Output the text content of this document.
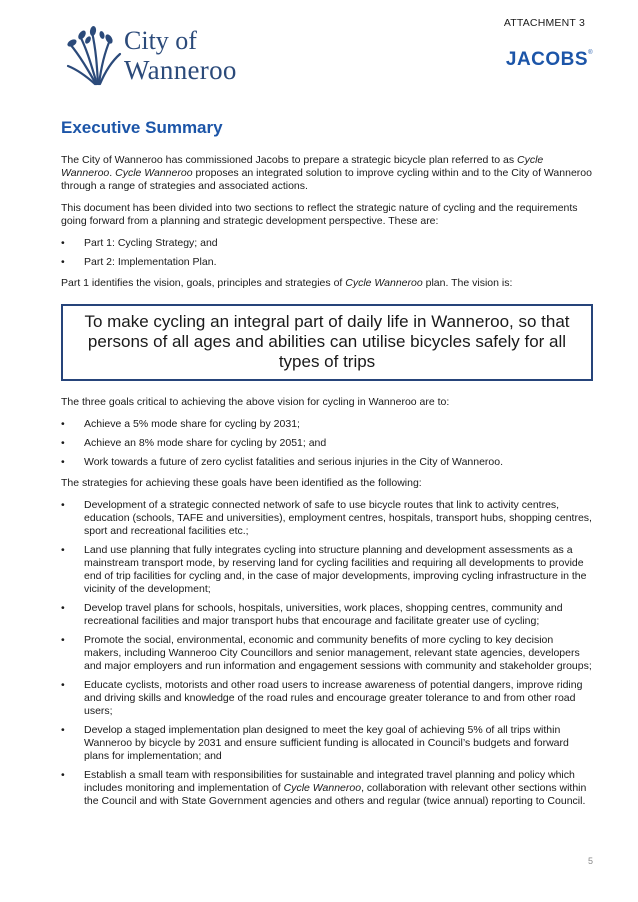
ATTACHMENT 3
City of
Wanneroo	JACOBS®
Executive Summary

The City of Wanneroo has commissioned Jacobs to prepare a strategic bicycle plan referred to as Cycle Wanneroo. Cycle Wanneroo proposes an integrated solution to improve cycling within and to the City of Wanneroo through a range of strategies and associated actions.

This document has been divided into two sections to reflect the strategic nature of cycling and the requirements going forward from a planning and strategic development perspective. These are:

• Part 1: Cycling Strategy; and
• Part 2: Implementation Plan.

Part 1 identifies the vision, goals, principles and strategies of Cycle Wanneroo plan. The vision is:

To make cycling an integral part of daily life in Wanneroo, so that persons of all ages and abilities can utilise bicycles safely for all types of trips

The three goals critical to achieving the above vision for cycling in Wanneroo are to:

• Achieve a 5% mode share for cycling by 2031;
• Achieve an 8% mode share for cycling by 2051; and
• Work towards a future of zero cyclist fatalities and serious injuries in the City of Wanneroo.

The strategies for achieving these goals have been identified as the following:

• Development of a strategic connected network of safe to use bicycle routes that link to activity centres, education (schools, TAFE and universities), employment centres, hospitals, transport hubs, shopping centres, sport and recreational facilities etc.;
• Land use planning that fully integrates cycling into structure planning and development assessments as a mainstream transport mode, by reserving land for cycling facilities and requiring all developments to provide end of trip facilities for cycling and, in the case of major developments, improving cycling infrastructure in the vicinity of the development;
• Develop travel plans for schools, hospitals, universities, work places, shopping centres, community and recreational facilities and major transport hubs that encourage and facilitate greater use of cycling;
• Promote the social, environmental, economic and community benefits of more cycling to key decision makers, including Wanneroo City Councillors and senior management, relevant state agencies, developers and major employers and run information and engagement sessions with community and stakeholder groups;
• Educate cyclists, motorists and other road users to increase awareness of potential dangers, improve riding and driving skills and knowledge of the road rules and encourage greater tolerance to and from other road users;
• Develop a staged implementation plan designed to meet the key goal of achieving 5% of all trips within Wanneroo by bicycle by 2031 and ensure sufficient funding is allocated in Council’s budgets and forward plans for implementation; and
• Establish a small team with responsibilities for sustainable and integrated travel planning and policy which includes monitoring and implementation of Cycle Wanneroo, collaboration with relevant other sections within the Council and with State Government agencies and others and regular (twice annual) reporting to Council.
5
